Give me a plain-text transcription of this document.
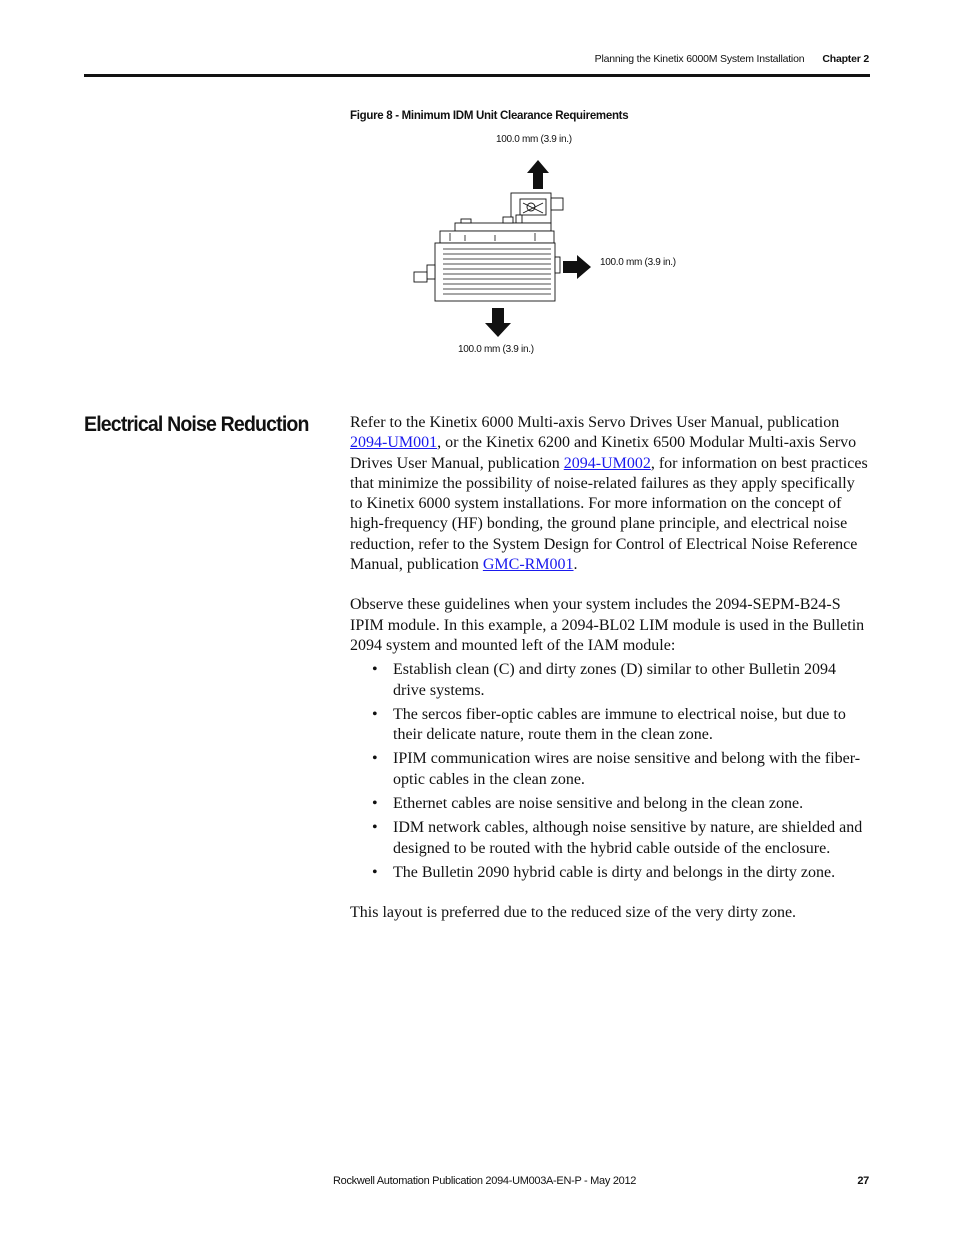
Planning the Kinetix 6000M System Installation Chapter 2
Figure 8 - Minimum IDM Unit Clearance Requirements
100.0 mm (3.9 in.)
100.0 mm (3.9 in.)
100.0 mm (3.9 in.)
Electrical Noise Reduction	Refer to the Kinetix 6000 Multi-axis Servo Drives User Manual, publication 2094-UM001, or the Kinetix 6200 and Kinetix 6500 Modular Multi-axis Servo Drives User Manual, publication 2094-UM002, for information on best practices that minimize the possibility of noise-related failures as they apply specifically to Kinetix 6000 system installations. For more information on the concept of high-frequency (HF) bonding, the ground plane principle, and electrical noise reduction, refer to the System Design for Control of Electrical Noise Reference Manual, publication GMC-RM001.

Observe these guidelines when your system includes the 2094-SEPM-B24-S IPIM module. In this example, a 2094-BL02 LIM module is used in the Bulletin 2094 system and mounted left of the IAM module:

• Establish clean (C) and dirty zones (D) similar to other Bulletin 2094 drive systems.
• The sercos fiber-optic cables are immune to electrical noise, but due to their delicate nature, route them in the clean zone.
• IPIM communication wires are noise sensitive and belong with the fiber-optic cables in the clean zone.
• Ethernet cables are noise sensitive and belong in the clean zone.
• IDM network cables, although noise sensitive by nature, are shielded and designed to be routed with the hybrid cable outside of the enclosure.
• The Bulletin 2090 hybrid cable is dirty and belongs in the dirty zone.

This layout is preferred due to the reduced size of the very dirty zone.

Rockwell Automation Publication 2094-UM003A-EN-P - May 2012	27
